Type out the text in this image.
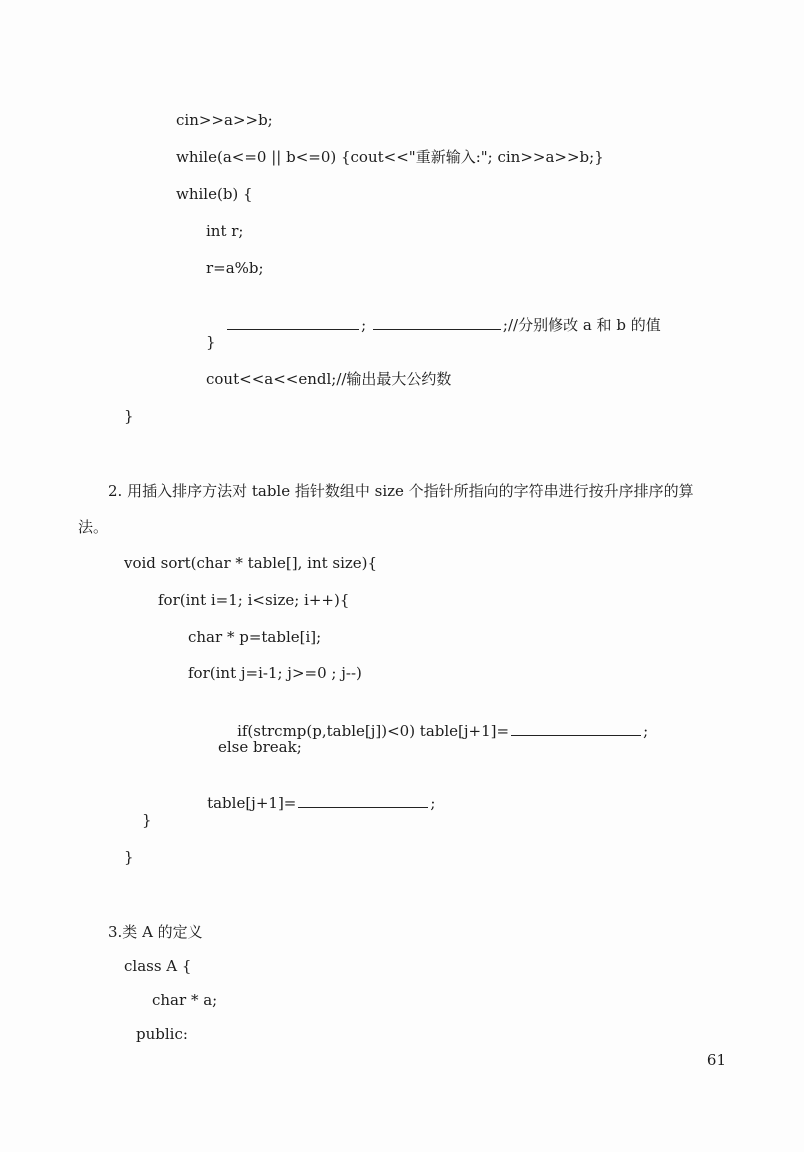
cin>>a>>b;
while(a<=0 || b<=0) {cout<<"重新输入:"; cin>>a>>b;}
while(b) {
int r;
r=a%b;

;	;//分别修改 a 和 b 的值

}
cout<<a<<endl;//输出最大公约数
}
2. 用插入排序方法对 table 指针数组中 size 个指针所指向的字符串进行按升序排序的算
法。
void sort(char * table[], int size){
for(int i=1; i<size; i++){
char * p=table[i];
for(int j=i-1; j>=0 ; j--)

if(strcmp(p,table[j])<0) table[j+1]=	;

else break;

table[j+1]=	;

}
}
3.类 A 的定义
class A {
char * a;
public:
61
